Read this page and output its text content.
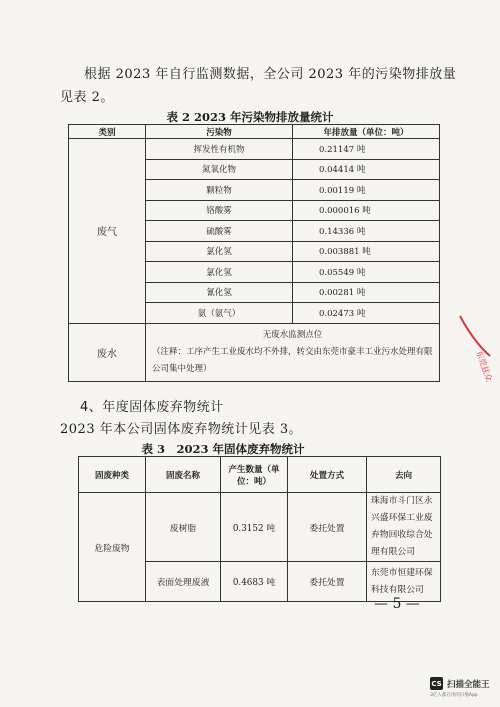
根据 2023 年自行监测数据，全公司 2023 年的污染物排放量
见表 2。
表 2 2023 年污染物排放量统计
类别	污染物	年排放量（单位：吨）
废气	挥发性有机物	0.21147 吨
	氮氧化物	0.04414 吨
	颗粒物	0.00119 吨
	铬酸雾	0.000016 吨
	硫酸雾	0.14336 吨
	氯化氢	0.003881 吨
	氯化氢	0.05549 吨
	氰化氢	0.00281 吨
	氨（氨气）	0.02473 吨
废水	无废水监测点位
（注释：工序产生工业废水均不外排，转交由东莞市豪丰工业污水处理有限公司集中处理）	
4、年度固体废弃物统计
2023 年本公司固体废弃物统计见表 3。
表 3　2023 年固体废弃物统计
固废种类	固废名称	产生数量（单位：吨）	处置方式	去向
危险废物	废树脂	0.3152 吨	委托处置	珠海市斗门区永兴盛环保工业废弃物回收综合处理有限公司
	表面处理废液	0.4683 吨	委托处置	东莞市恒建环保科技有限公司
— 5 —
东莞兹众
CS 扫描全能王
3亿人都在用的扫描App
